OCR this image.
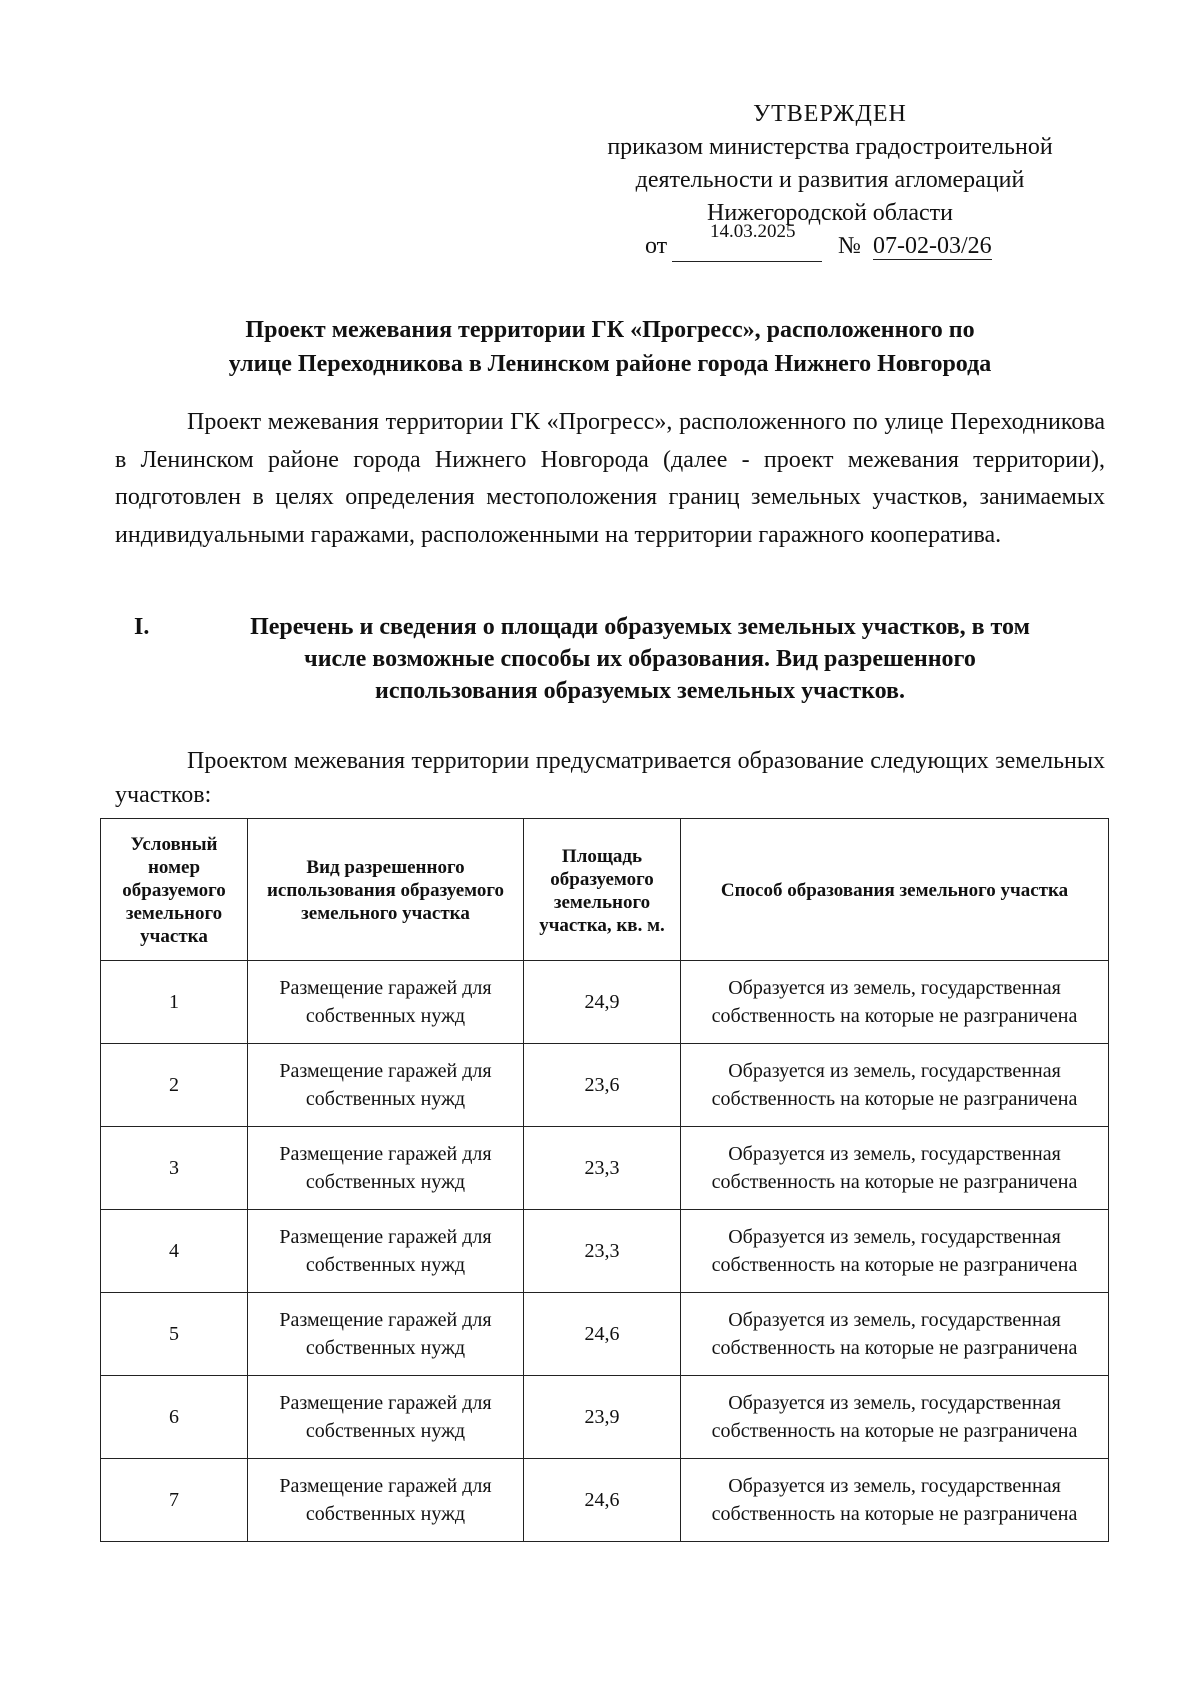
УТВЕРЖДЕН
приказом министерства градостроительной
деятельности и развития агломераций
Нижегородской области
от
14.03.2025
№ 07-02-03/26
Проект межевания территории ГК «Прогресс», расположенного по
улице Переходникова в Ленинском районе города Нижнего Новгорода

Проект межевания территории ГК «Прогресс», расположенного по улице Переходникова в Ленинском районе города Нижнего Новгорода (далее - проект межевания территории), подготовлен в целях определения местоположения границ земельных участков, занимаемых индивидуальными гаражами, расположенными на территории гаражного кооператива.

I.	Перечень и сведения о площади образуемых земельных участков, в том
числе возможные способы их образования. Вид разрешенного
использования образуемых земельных участков.

Проектом межевания территории предусматривается образование следующих земельных участков:

Условный номер образуемого земельного участка	Вид разрешенного использования образуемого земельного участка	Площадь образуемого земельного участка, кв. м.	Способ образования земельного участка
1	Размещение гаражей для собственных нужд	24,9	Образуется из земель, государственная собственность на которые не разграничена
2	Размещение гаражей для собственных нужд	23,6	Образуется из земель, государственная собственность на которые не разграничена
3	Размещение гаражей для собственных нужд	23,3	Образуется из земель, государственная собственность на которые не разграничена
4	Размещение гаражей для собственных нужд	23,3	Образуется из земель, государственная собственность на которые не разграничена
5	Размещение гаражей для собственных нужд	24,6	Образуется из земель, государственная собственность на которые не разграничена
6	Размещение гаражей для собственных нужд	23,9	Образуется из земель, государственная собственность на которые не разграничена
7	Размещение гаражей для собственных нужд	24,6	Образуется из земель, государственная собственность на которые не разграничена
